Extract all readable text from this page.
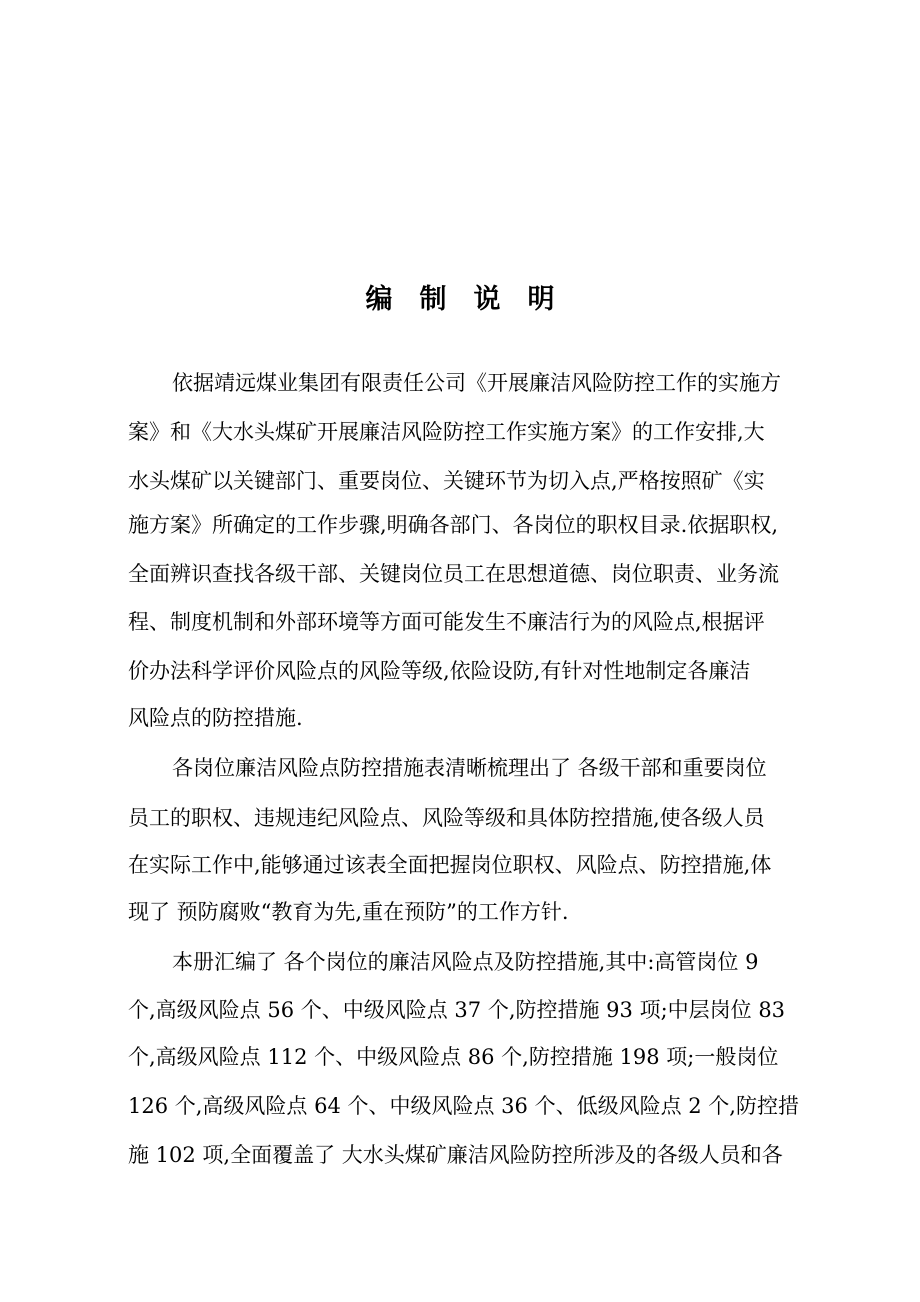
编制说明
依据靖远煤业集团有限责任公司《开展廉洁风险防控工作的实施方
案》和《大水头煤矿开展廉洁风险防控工作实施方案》的工作安排,大
水头煤矿以关键部门、重要岗位、关键环节为切入点,严格按照矿《实
施方案》所确定的工作步骤,明确各部门、各岗位的职权目录.依据职权,
全面辨识查找各级干部、关键岗位员工在思想道德、岗位职责、业务流
程、制度机制和外部环境等方面可能发生不廉洁行为的风险点,根据评
价办法科学评价风险点的风险等级,依险设防,有针对性地制定各廉洁
风险点的防控措施.
各岗位廉洁风险点防控措施表清晰梳理出了 各级干部和重要岗位
员工的职权、违规违纪风险点、风险等级和具体防控措施,使各级人员
在实际工作中,能够通过该表全面把握岗位职权、风险点、防控措施,体
现了 预防腐败“教育为先,重在预防”的工作方针.
本册汇编了 各个岗位的廉洁风险点及防控措施,其中:高管岗位 9
个,高级风险点 56 个、中级风险点 37 个,防控措施 93 项;中层岗位 83
个,高级风险点 112 个、中级风险点 86 个,防控措施 198 项;一般岗位
126 个,高级风险点 64 个、中级风险点 36 个、低级风险点 2 个,防控措
施 102 项,全面覆盖了 大水头煤矿廉洁风险防控所涉及的各级人员和各
